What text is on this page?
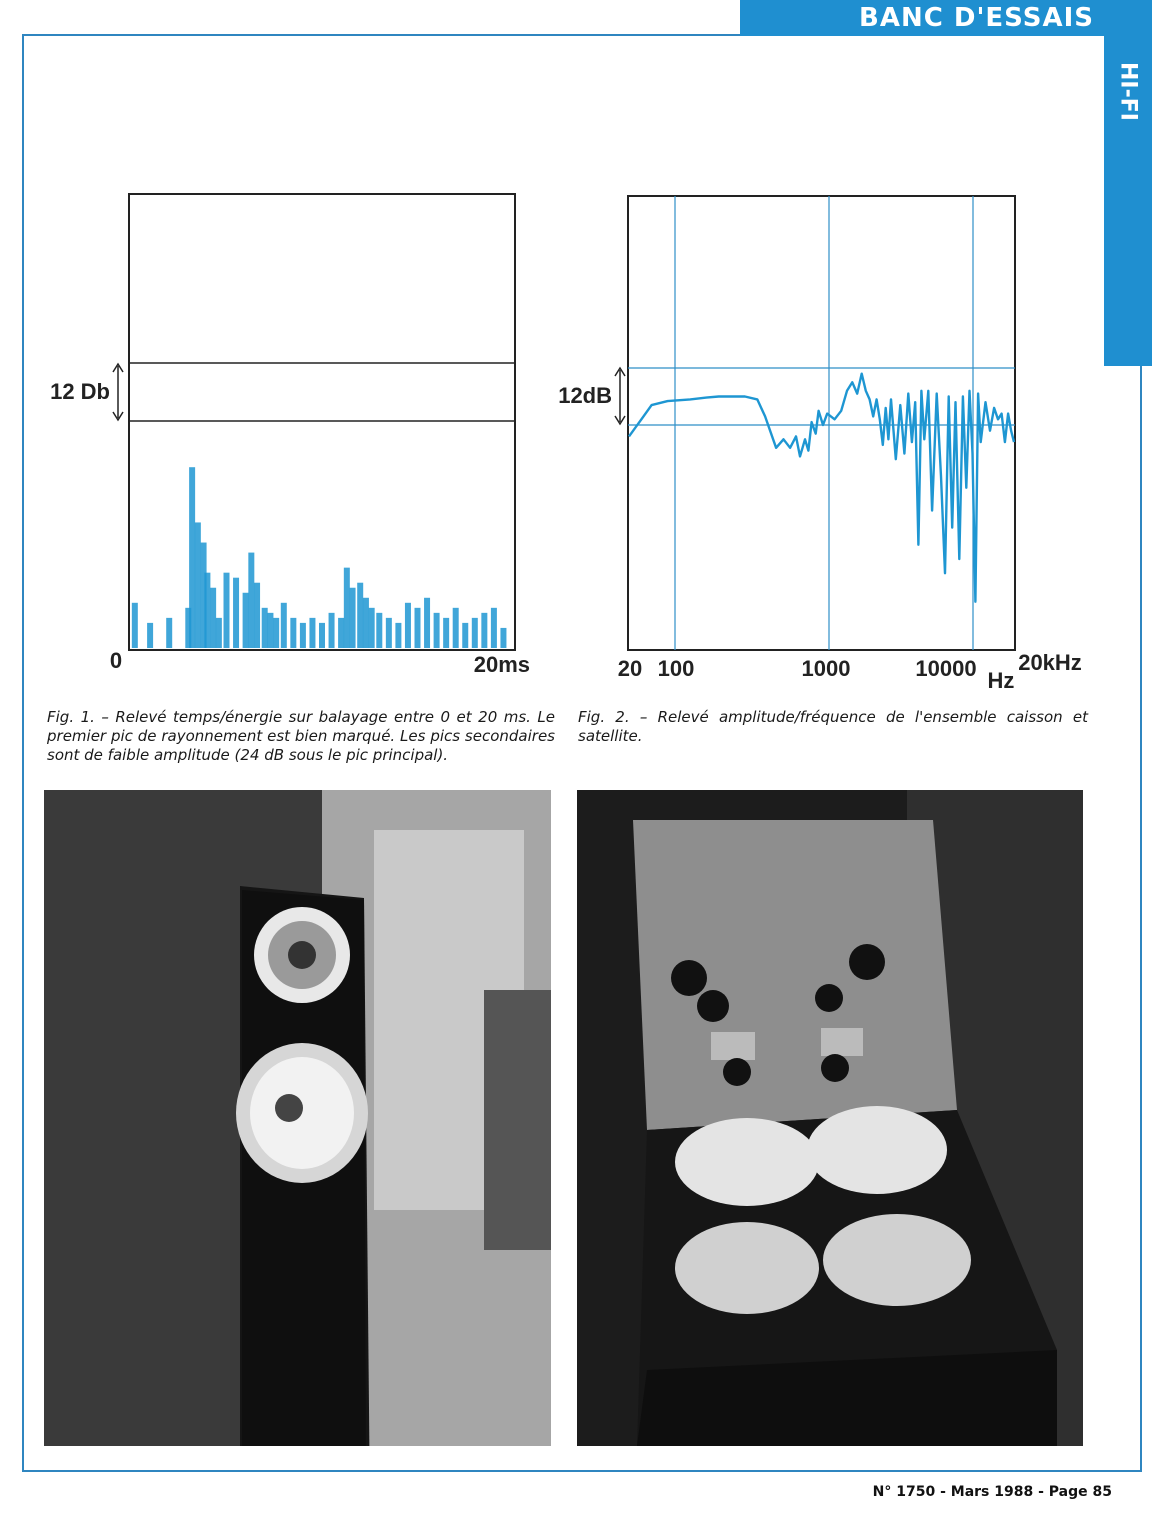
BANC D'ESSAIS
HI-FI
12 Db
0	20ms
12dB
20 100	1000	10000 Hz
20kHz

Fig. 1. – Relevé temps/énergie sur balayage entre 0 et 20 ms. Le premier pic de rayonnement est bien marqué. Les pics secondaires sont de faible amplitude (24 dB sous le pic principal).

Fig. 2. – Relevé amplitude/fréquence de l'ensemble caisson et satellite.

N° 1750 - Mars 1988 - Page 85
